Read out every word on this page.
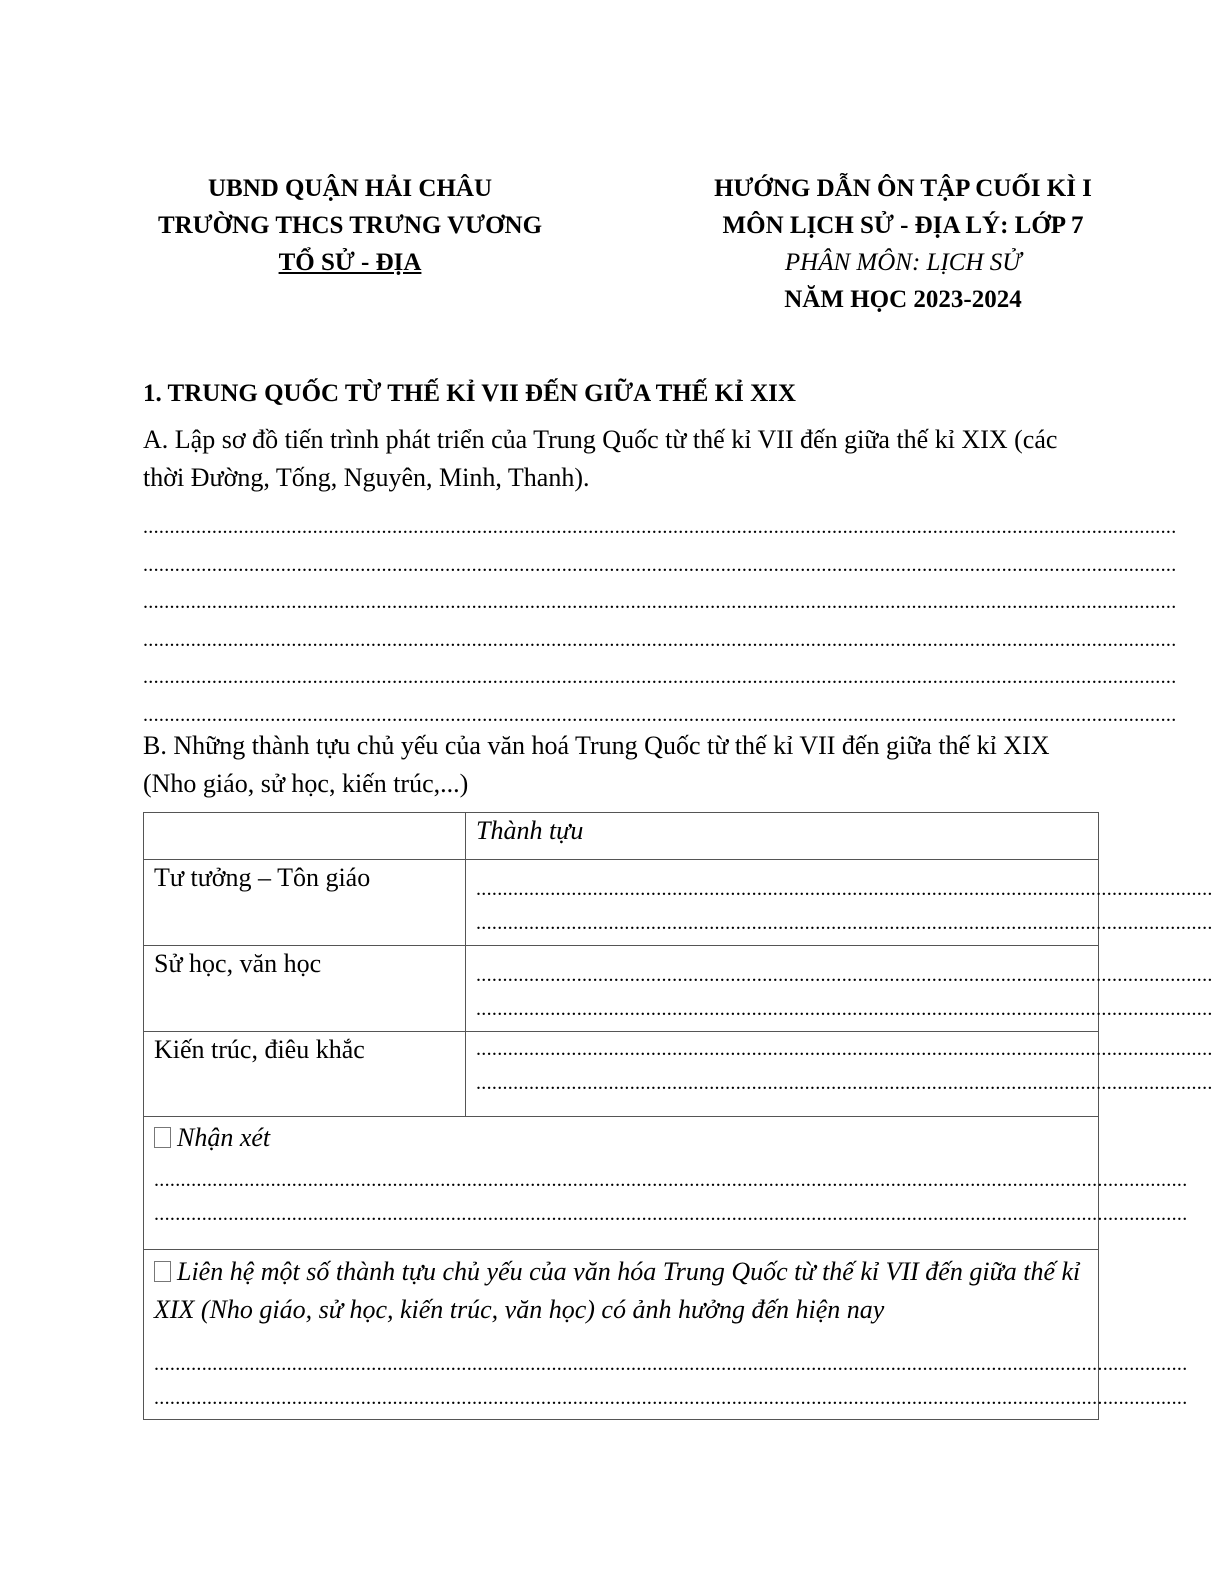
UBND QUẬN HẢI CHÂU
TRƯỜNG THCS TRƯNG VƯƠNG
TỔ SỬ - ĐỊA
HƯỚNG DẪN ÔN TẬP CUỐI KÌ I
MÔN LỊCH SỬ - ĐỊA LÝ: LỚP 7
PHÂN MÔN: LỊCH SỬ
NĂM HỌC 2023-2024
1. TRUNG QUỐC TỪ THẾ KỈ VII ĐẾN GIỮA THẾ KỈ XIX
A. Lập sơ đồ tiến trình phát triển của Trung Quốc từ thế kỉ VII đến giữa thế kỉ XIX (các thời Đường, Tống, Nguyên, Minh, Thanh).
...................................................................................................................................................................................................
...................................................................................................................................................................................................
...................................................................................................................................................................................................
...................................................................................................................................................................................................
...................................................................................................................................................................................................
...................................................................................................................................................................................................
B. Những thành tựu chủ yếu của văn hoá Trung Quốc từ thế kỉ VII đến giữa thế kỉ XIX (Nho giáo, sử học, kiến trúc,...)
	Thành tựu
Tư tưởng – Tôn giáo	...........................................................................................................................................
...........................................................................................................................................

Sử học, văn học	...........................................................................................................................................
...........................................................................................................................................

Kiến trúc, điêu khắc	...........................................................................................................................................
...........................................................................................................................................

Nhận xét
...................................................................................................................................................................................................
...................................................................................................................................................................................................	

Liên hệ một số thành tựu chủ yếu của văn hóa Trung Quốc từ thế kỉ VII đến giữa thế kỉ XIX (Nho giáo, sử học, kiến trúc, văn học) có ảnh hưởng đến hiện nay
...................................................................................................................................................................................................
...................................................................................................................................................................................................	
